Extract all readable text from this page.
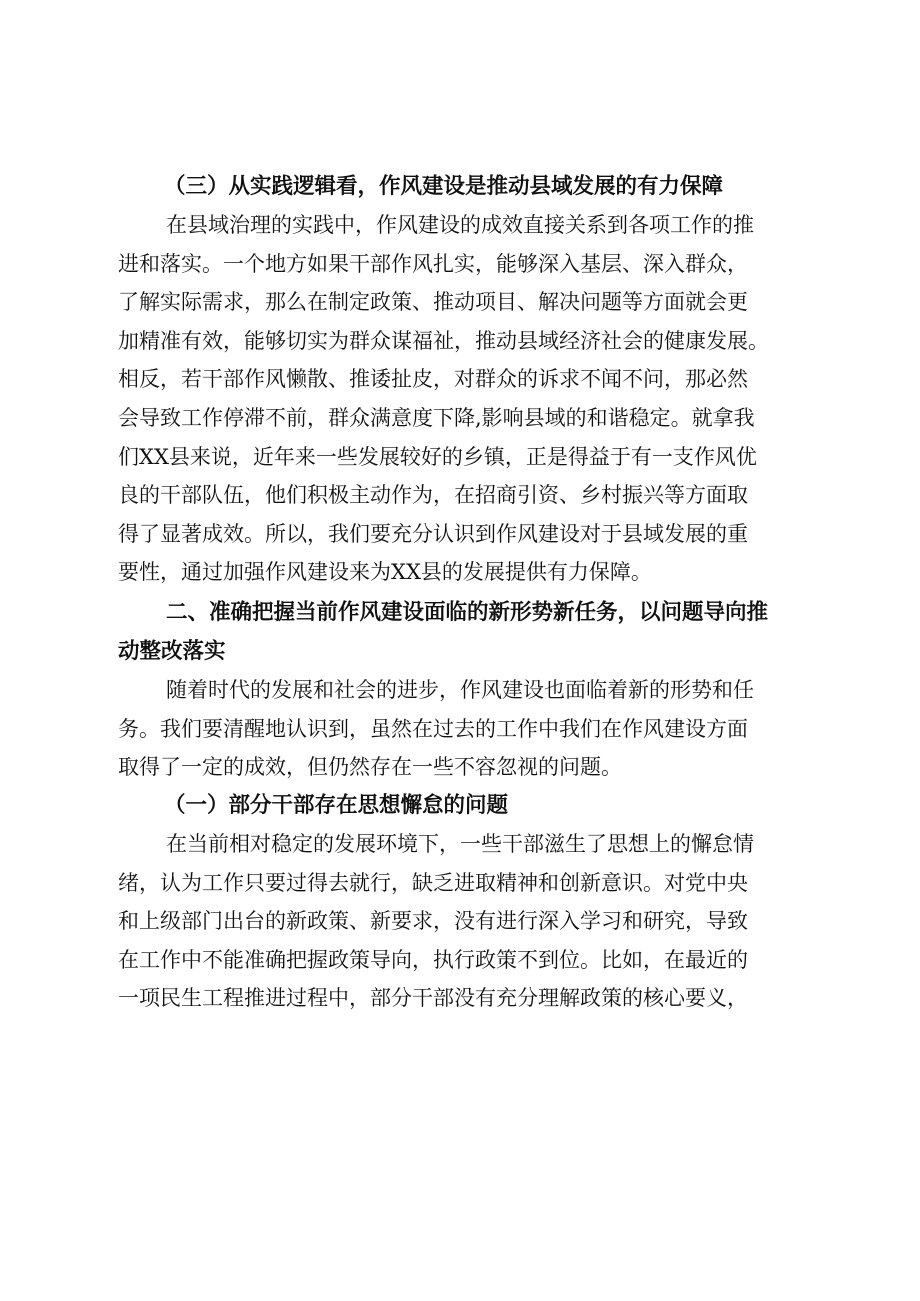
（三）从实践逻辑看，作风建设是推动县域发展的有力保障
在县域治理的实践中，作风建设的成效直接关系到各项工作的推
进和落实。一个地方如果干部作风扎实，能够深入基层、深入群众，
了解实际需求，那么在制定政策、推动项目、解决问题等方面就会更
加精准有效，能够切实为群众谋福祉，推动县域经济社会的健康发展。
相反，若干部作风懒散、推诿扯皮，对群众的诉求不闻不问，那必然
会导致工作停滞不前，群众满意度下降,影响县域的和谐稳定。就拿我
们XX县来说，近年来一些发展较好的乡镇，正是得益于有一支作风优
良的干部队伍，他们积极主动作为，在招商引资、乡村振兴等方面取
得了显著成效。所以，我们要充分认识到作风建设对于县域发展的重
要性，通过加强作风建设来为XX县的发展提供有力保障。
二、准确把握当前作风建设面临的新形势新任务，以问题导向推
动整改落实
随着时代的发展和社会的进步，作风建设也面临着新的形势和任
务。我们要清醒地认识到，虽然在过去的工作中我们在作风建设方面
取得了一定的成效，但仍然存在一些不容忽视的问题。
（一）部分干部存在思想懈怠的问题
在当前相对稳定的发展环境下，一些干部滋生了思想上的懈怠情
绪，认为工作只要过得去就行，缺乏进取精神和创新意识。对党中央
和上级部门出台的新政策、新要求，没有进行深入学习和研究，导致
在工作中不能准确把握政策导向，执行政策不到位。比如，在最近的
一项民生工程推进过程中，部分干部没有充分理解政策的核心要义，
